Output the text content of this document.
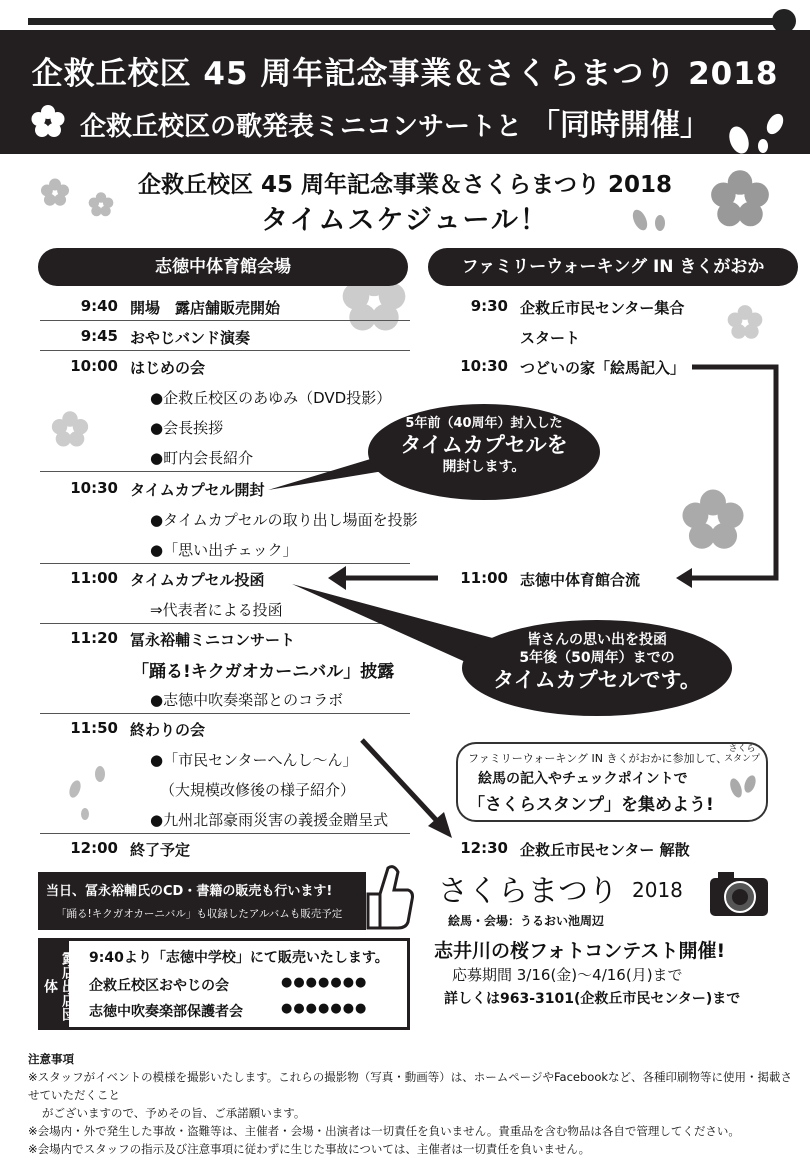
企救丘校区 45 周年記念事業＆さくらまつり 2018
企救丘校区の歌発表ミニコンサートと 「同時開催」
企救丘校区 45 周年記念事業＆さくらまつり 2018
タイムスケジュール！
志徳中体育館会場	ファミリーウォーキング IN きくがおか
9:40 開場　露店舗販売開始
9:45 おやじバンド演奏
10:00 はじめの会
●企救丘校区のあゆみ（DVD投影）
●会長挨拶
●町内会長紹介
10:30 タイムカプセル開封
●タイムカプセルの取り出し場面を投影
●「思い出チェック」
11:00 タイムカプセル投函
⇒代表者による投函
11:20 冨永裕輔ミニコンサート
「踊る!キクガオカーニバル」披露
●志徳中吹奏楽部とのコラボ
11:50 終わりの会
●「市民センターへんし〜ん」
（大規模改修後の様子紹介）
●九州北部豪雨災害の義援金贈呈式
12:00 終了予定
9:30 企救丘市民センター集合
スタート
10:30 つどいの家「絵馬記入」
11:00 志徳中体育館合流
12:30 企救丘市民センター 解散
5年前（40周年）封入した
タイムカプセルを
開封します。
皆さんの思い出を投函
5年後（50周年）までの
タイムカプセルです。
ファミリーウォーキング IN きくがおかに参加して、
絵馬の記入やチェックポイントで
「さくらスタンプ」を集めよう!
さくら スタンプ
当日、冨永裕輔氏のCD・書籍の販売も行います!
「踊る!キクガオカーニバル」も収録したアルバムも販売予定
露店出店団体
9:40より「志徳中学校」にて販売いたします。
企救丘校区おやじの会	●●●●●●●
志徳中吹奏楽部保護者会	●●●●●●●
さくらまつり 2018
絵馬・会場：うるおい池周辺
志井川の桜フォトコンテスト開催!
応募期間 3/16(金)〜4/16(月)まで
詳しくは963-3101(企救丘市民センター)まで
注意事項
※スタッフがイベントの模様を撮影いたします。これらの撮影物（写真・動画等）は、ホームページやFacebookなど、各種印刷物等に使用・掲載させていただくこと
がございますので、予めその旨、ご承諾願います。
※会場内・外で発生した事故・盗難等は、主催者・会場・出演者は一切責任を負いません。貴重品を含む物品は各自で管理してください。
※会場内でスタッフの指示及び注意事項に従わずに生じた事故については、主催者は一切責任を負いません。
